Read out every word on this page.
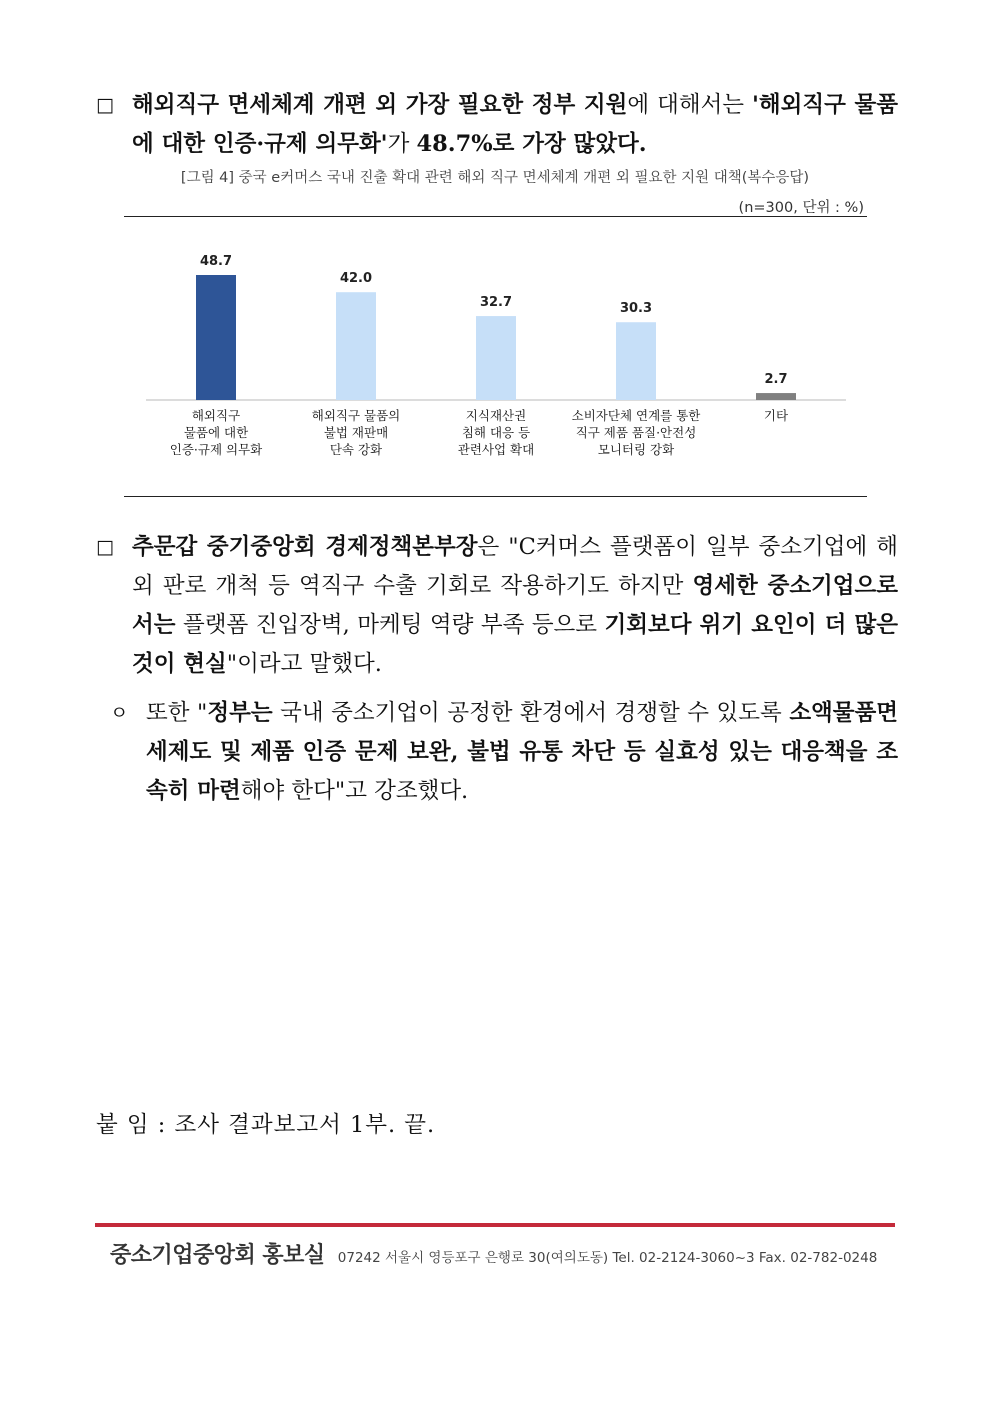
□ 해외직구 면세체계 개편 외 가장 필요한 정부 지원에 대해서는 '해외직구 물품에 대한 인증·규제 의무화'가 48.7%로 가장 많았다.
[그림 4] 중국 e커머스 국내 진출 확대 관련 해외 직구 면세체계 개편 외 필요한 지원 대책(복수응답)
(n=300, 단위 : %)
48.7
해외직구 물품에 대한 인증·규제 의무화
42.0
해외직구 물품의 불법 재판매 단속 강화
32.7
지식재산권 침해 대응 등 관련사업 확대
30.3
소비자단체 연계를 통한 직구 제품 품질·안전성 모니터링 강화
2.7
기타
□ 추문갑 중기중앙회 경제정책본부장은 "C커머스 플랫폼이 일부 중소기업에 해외 판로 개척 등 역직구 수출 기회로 작용하기도 하지만 영세한 중소기업으로서는 플랫폼 진입장벽, 마케팅 역량 부족 등으로 기회보다 위기 요인이 더 많은 것이 현실"이라고 말했다.
ㅇ 또한 "정부는 국내 중소기업이 공정한 환경에서 경쟁할 수 있도록 소액물품면세제도 및 제품 인증 문제 보완, 불법 유통 차단 등 실효성 있는 대응책을 조속히 마련해야 한다"고 강조했다.
붙 임 : 조사 결과보고서 1부. 끝.
중소기업중앙회 홍보실 07242 서울시 영등포구 은행로 30(여의도동) Tel. 02-2124-3060~3 Fax. 02-782-0248
